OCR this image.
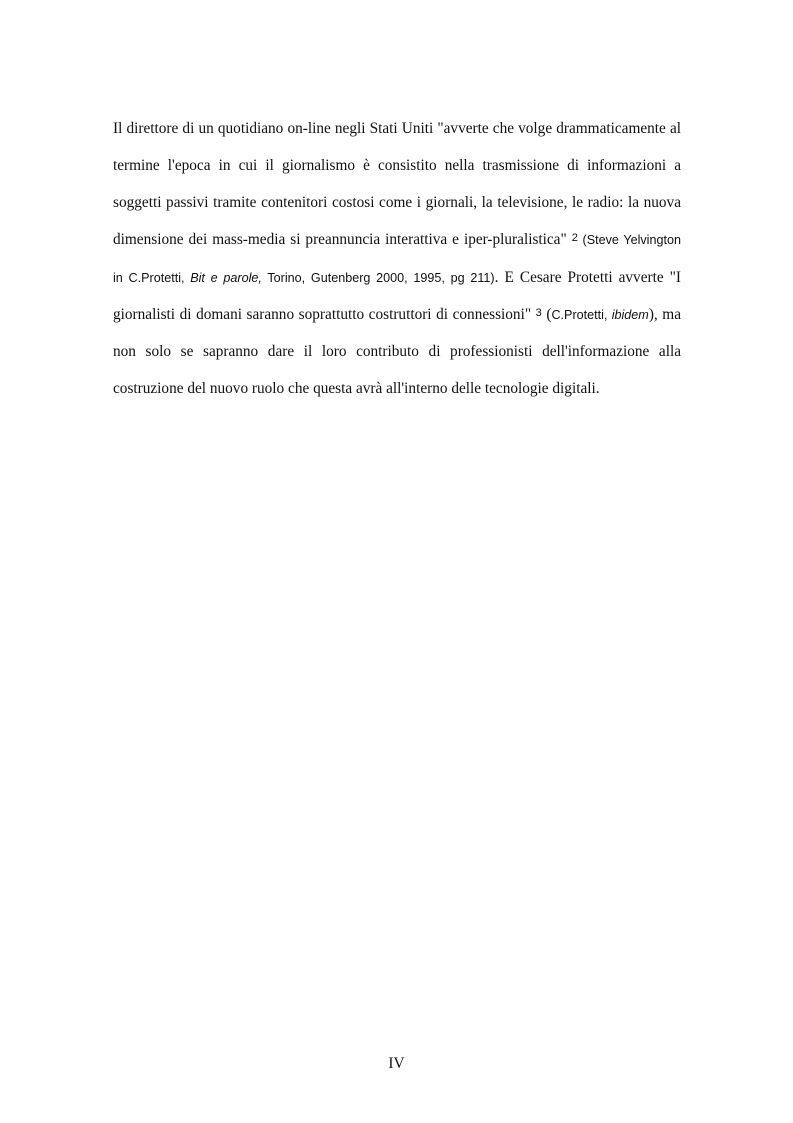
Il direttore di un quotidiano on-line negli Stati Uniti "avverte che volge drammaticamente al termine l'epoca in cui il giornalismo è consistito nella trasmissione di informazioni a soggetti passivi tramite contenitori costosi come i giornali, la televisione, le radio: la nuova dimensione dei mass-media si preannuncia interattiva e iper-pluralistica" 2 (Steve Yelvington in C.Protetti, Bit e parole, Torino, Gutenberg 2000, 1995, pg 211). E Cesare Protetti avverte "I giornalisti di domani saranno soprattutto costruttori di connessioni" 3 (C.Protetti, ibidem), ma non solo se sapranno dare il loro contributo di professionisti dell'informazione alla costruzione del nuovo ruolo che questa avrà all'interno delle tecnologie digitali.

IV
